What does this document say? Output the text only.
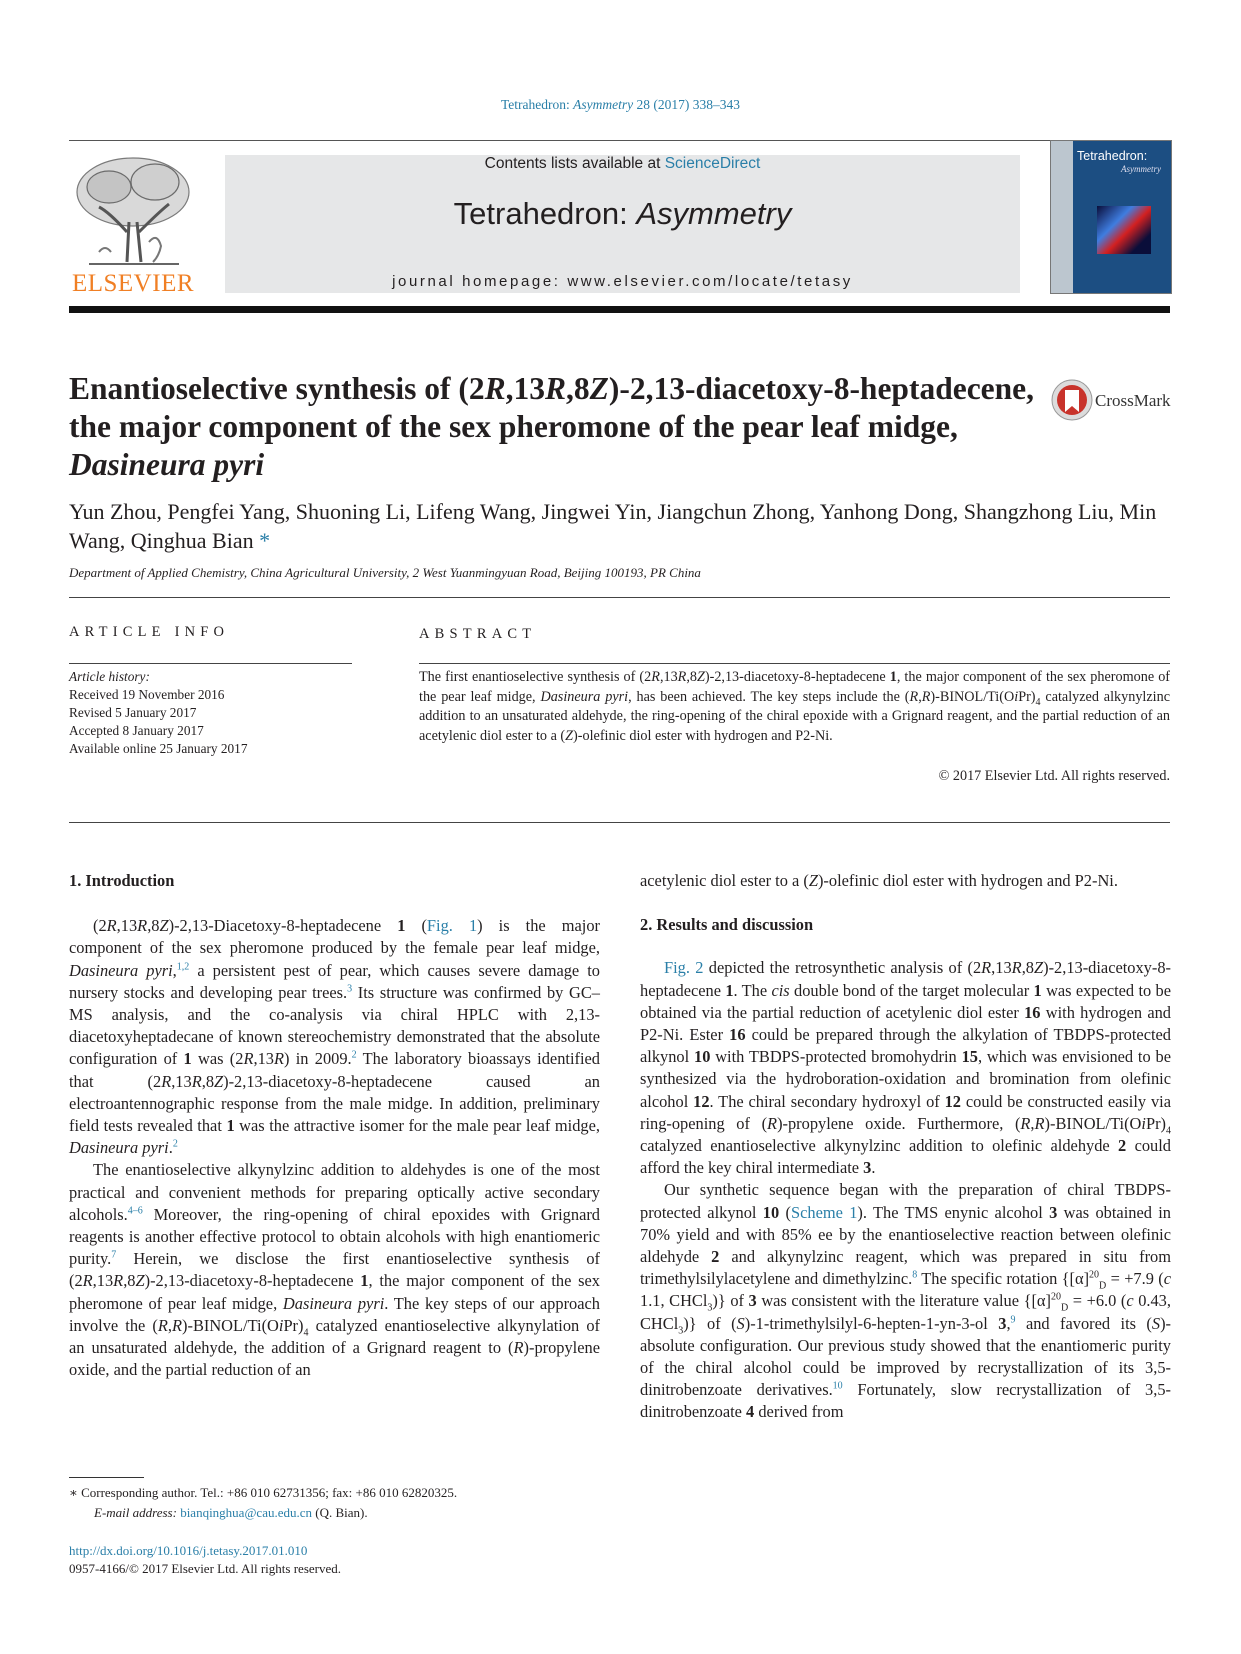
Tetrahedron: Asymmetry 28 (2017) 338–343
ELSEVIER
Contents lists available at ScienceDirect
Tetrahedron: Asymmetry
journal homepage: www.elsevier.com/locate/tetasy
Tetrahedron:
Asymmetry
Enantioselective synthesis of (2R,13R,8Z)-2,13-diacetoxy-8-heptadecene, the major component of the sex pheromone of the pear leaf midge, Dasineura pyri
CrossMark
Yun Zhou, Pengfei Yang, Shuoning Li, Lifeng Wang, Jingwei Yin, Jiangchun Zhong, Yanhong Dong, Shangzhong Liu, Min Wang, Qinghua Bian *
Department of Applied Chemistry, China Agricultural University, 2 West Yuanmingyuan Road, Beijing 100193, PR China
ARTICLE INFO	ABSTRACT
Article history:
Received 19 November 2016
Revised 5 January 2017
Accepted 8 January 2017
Available online 25 January 2017
The first enantioselective synthesis of (2R,13R,8Z)-2,13-diacetoxy-8-heptadecene 1, the major component of the sex pheromone of the pear leaf midge, Dasineura pyri, has been achieved. The key steps include the $(R,R)-BINOL/Ti(OiPr)_4$ catalyzed alkynylzinc addition to an unsaturated aldehyde, the ring-opening of the chiral epoxide with a Grignard reagent, and the partial reduction of an acetylenic diol ester to a (Z)-olefinic diol ester with hydrogen and P2-Ni.
© 2017 Elsevier Ltd. All rights reserved.
1. Introduction

(2R,13R,8Z)-2,13-Diacetoxy-8-heptadecene 1 (Fig. 1) is the major component of the sex pheromone produced by the female pear leaf midge, Dasineura pyri,$^{1,2}$ a persistent pest of pear, which causes severe damage to nursery stocks and developing pear trees.$^3$ Its structure was confirmed by GC–MS analysis, and the co-analysis via chiral HPLC with 2,13-diacetoxyheptadecane of known stereochemistry demonstrated that the absolute configuration of 1 was (2R,13R) in 2009.$^2$ The laboratory bioassays identified that (2R,13R,8Z)-2,13-diacetoxy-8-heptadecene caused an electroantennographic response from the male midge. In addition, preliminary field tests revealed that 1 was the attractive isomer for the male pear leaf midge, Dasineura pyri.$^2$

The enantioselective alkynylzinc addition to aldehydes is one of the most practical and convenient methods for preparing optically active secondary alcohols.$^{4-6}$ Moreover, the ring-opening of chiral epoxides with Grignard reagents is another effective protocol to obtain alcohols with high enantiomeric purity.$^7$ Herein, we disclose the first enantioselective synthesis of (2R,13R,8Z)-2,13-diacetoxy-8-heptadecene 1, the major component of the sex pheromone of pear leaf midge, Dasineura pyri. The key steps of our approach involve the $(R,R)-BINOL/Ti(OiPr)_4$ catalyzed enantioselective alkynylation of an unsaturated aldehyde, the addition of a Grignard reagent to (R)-propylene oxide, and the partial reduction of an

acetylenic diol ester to a (Z)-olefinic diol ester with hydrogen and P2-Ni.

2. Results and discussion

Fig. 2 depicted the retrosynthetic analysis of (2R,13R,8Z)-2,13-diacetoxy-8-heptadecene 1. The cis double bond of the target molecular 1 was expected to be obtained via the partial reduction of acetylenic diol ester 16 with hydrogen and P2-Ni. Ester 16 could be prepared through the alkylation of TBDPS-protected alkynol 10 with TBDPS-protected bromohydrin 15, which was envisioned to be synthesized via the hydroboration-oxidation and bromination from olefinic alcohol 12. The chiral secondary hydroxyl of 12 could be constructed easily via ring-opening of (R)-propylene oxide. Furthermore, $(R,R)-BINOL/Ti(OiPr)_4$ catalyzed enantioselective alkynylzinc addition to olefinic aldehyde 2 could afford the key chiral intermediate 3.

Our synthetic sequence began with the preparation of chiral TBDPS-protected alkynol 10 (Scheme 1). The TMS enynic alcohol 3 was obtained in 70% yield and with 85% ee by the enantioselective reaction between olefinic aldehyde 2 and alkynylzinc reagent, which was prepared in situ from trimethylsilylacetylene and dimethylzinc.$^8$ The specific rotation {$[\alpha]^{20}_D = +7.9$ (c 1.1, CHCl$_3$)} of 3 was consistent with the literature value {$[\alpha]^{20}_D = +6.0$ (c 0.43, CHCl$_3$)} of (S)-1-trimethylsilyl-6-hepten-1-yn-3-ol 3,$^9$ and favored its (S)-absolute configuration. Our previous study showed that the enantiomeric purity of the chiral alcohol could be improved by recrystallization of its 3,5-dinitrobenzoate derivatives.$^{10}$ Fortunately, slow recrystallization of 3,5-dinitrobenzoate 4 derived from

∗ Corresponding author. Tel.: +86 010 62731356; fax: +86 010 62820325.
E-mail address: bianqinghua@cau.edu.cn (Q. Bian).
http://dx.doi.org/10.1016/j.tetasy.2017.01.010
0957-4166/© 2017 Elsevier Ltd. All rights reserved.
